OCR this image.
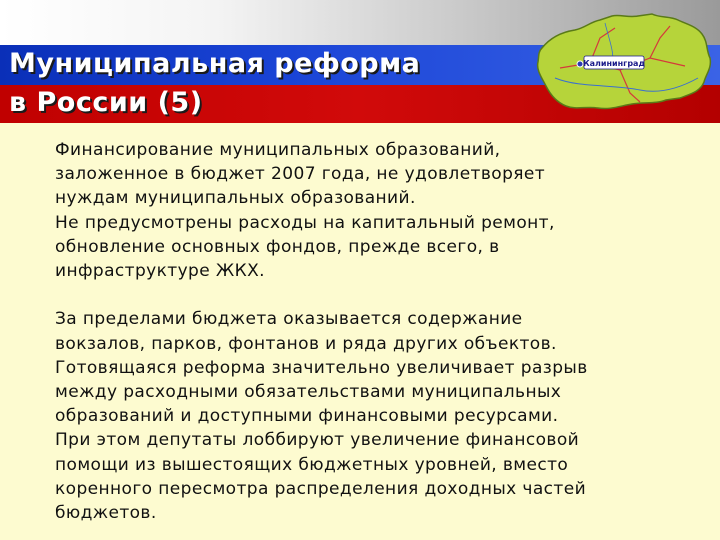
Муниципальная реформа
в России (5)
Калининград
Финансирование муниципальных образований,
заложенное в бюджет 2007 года, не удовлетворяет
нуждам муниципальных образований.
Не предусмотрены расходы на капитальный ремонт,
обновление основных фондов, прежде всего, в
инфраструктуре ЖКХ.
За пределами бюджета оказывается содержание
вокзалов, парков, фонтанов и ряда других объектов.
Готовящаяся реформа значительно увеличивает разрыв
между расходными обязательствами муниципальных
образований и доступными финансовыми ресурсами.
При этом депутаты лоббируют увеличение финансовой
помощи из вышестоящих бюджетных уровней, вместо
коренного пересмотра распределения доходных частей
бюджетов.
